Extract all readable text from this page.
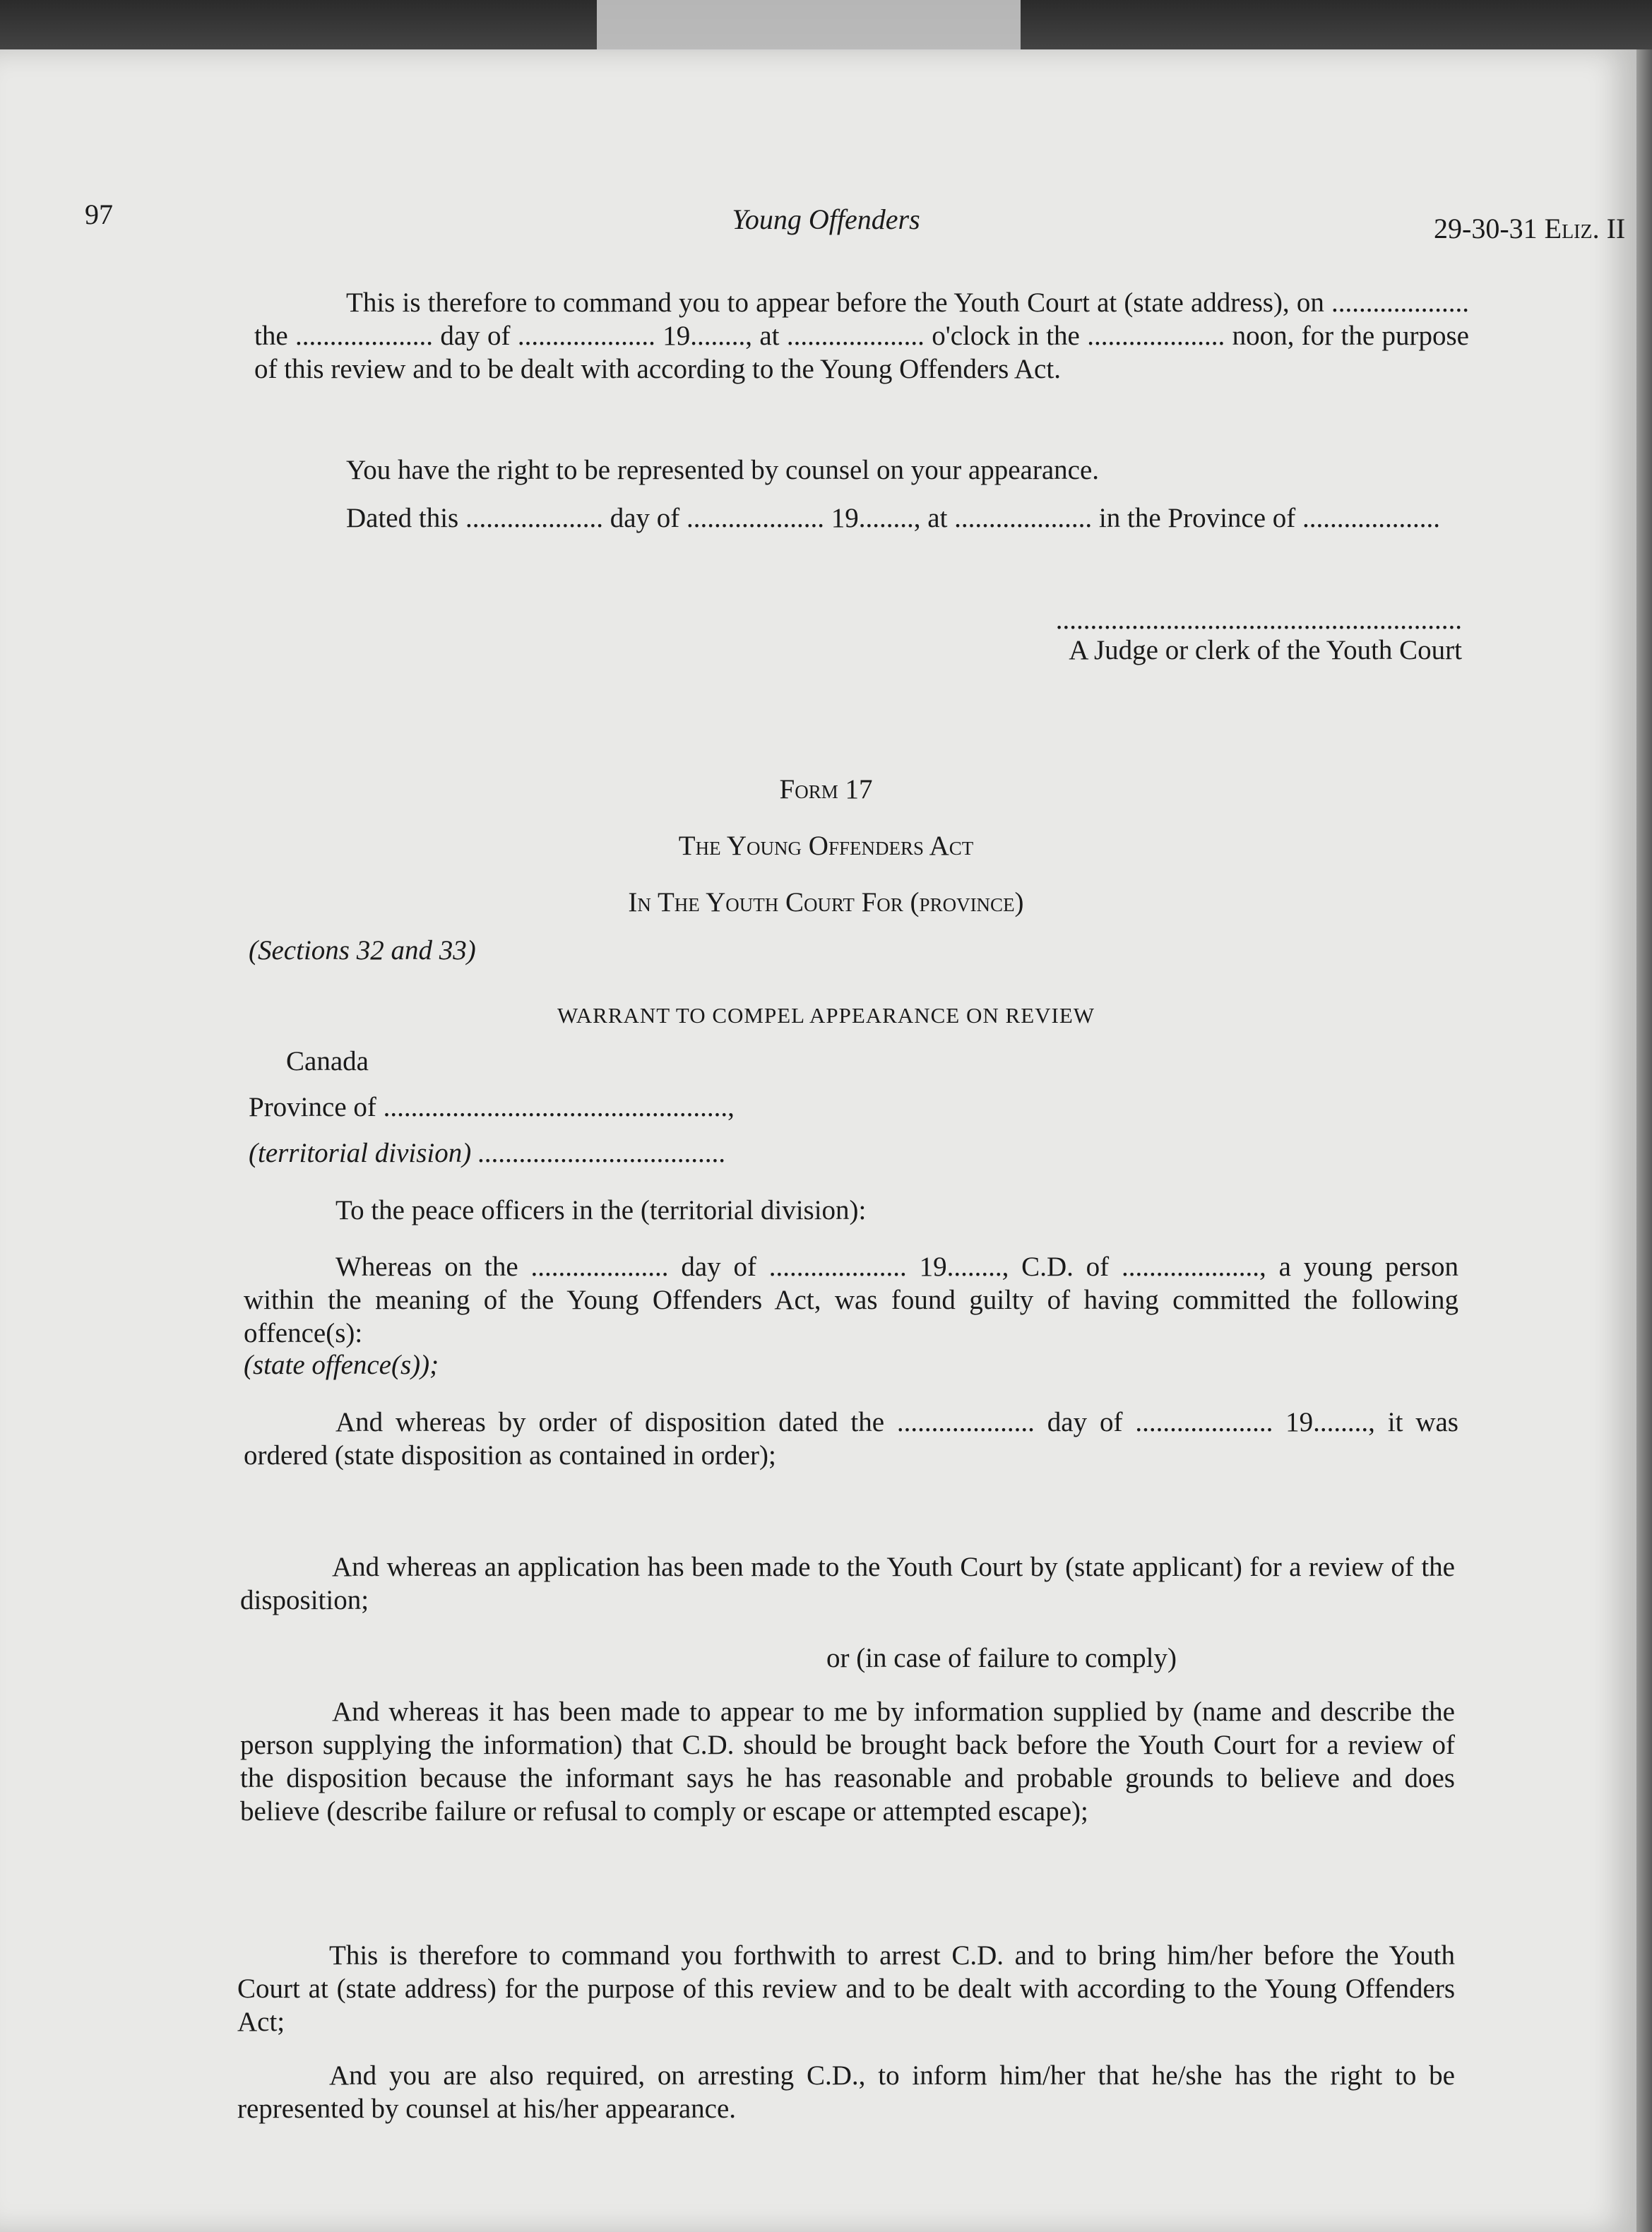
Young Offenders	29-30-31 Eliz. II
97
This is therefore to command you to appear before the Youth Court at (state address), on .................... the .................... day of .................... 19........, at .................... o'clock in the .................... noon, for the purpose of this review and to be dealt with according to the Young Offenders Act.
You have the right to be represented by counsel on your appearance.
Dated this .................... day of .................... 19........, at .................... in the Province of ....................
...........................................................
A Judge or clerk of the Youth Court
Form 17
The Young Offenders Act
In The Youth Court For (province)
(Sections 32 and 33)
WARRANT TO COMPEL APPEARANCE ON REVIEW
Canada
Province of ..................................................,
(territorial division) ....................................
To the peace officers in the (territorial division):
Whereas on the .................... day of .................... 19........, C.D. of ...................., a young person within the meaning of the Young Offenders Act, was found guilty of having committed the following offence(s):
(state offence(s));
And whereas by order of disposition dated the .................... day of .................... 19........, it was ordered (state disposition as contained in order);
And whereas an application has been made to the Youth Court by (state applicant) for a review of the disposition;
or (in case of failure to comply)
And whereas it has been made to appear to me by information supplied by (name and describe the person supplying the information) that C.D. should be brought back before the Youth Court for a review of the disposition because the informant says he has reasonable and probable grounds to believe and does believe (describe failure or refusal to comply or escape or attempted escape);
This is therefore to command you forthwith to arrest C.D. and to bring him/her before the Youth Court at (state address) for the purpose of this review and to be dealt with according to the Young Offenders Act;
And you are also required, on arresting C.D., to inform him/her that he/she has the right to be represented by counsel at his/her appearance.
